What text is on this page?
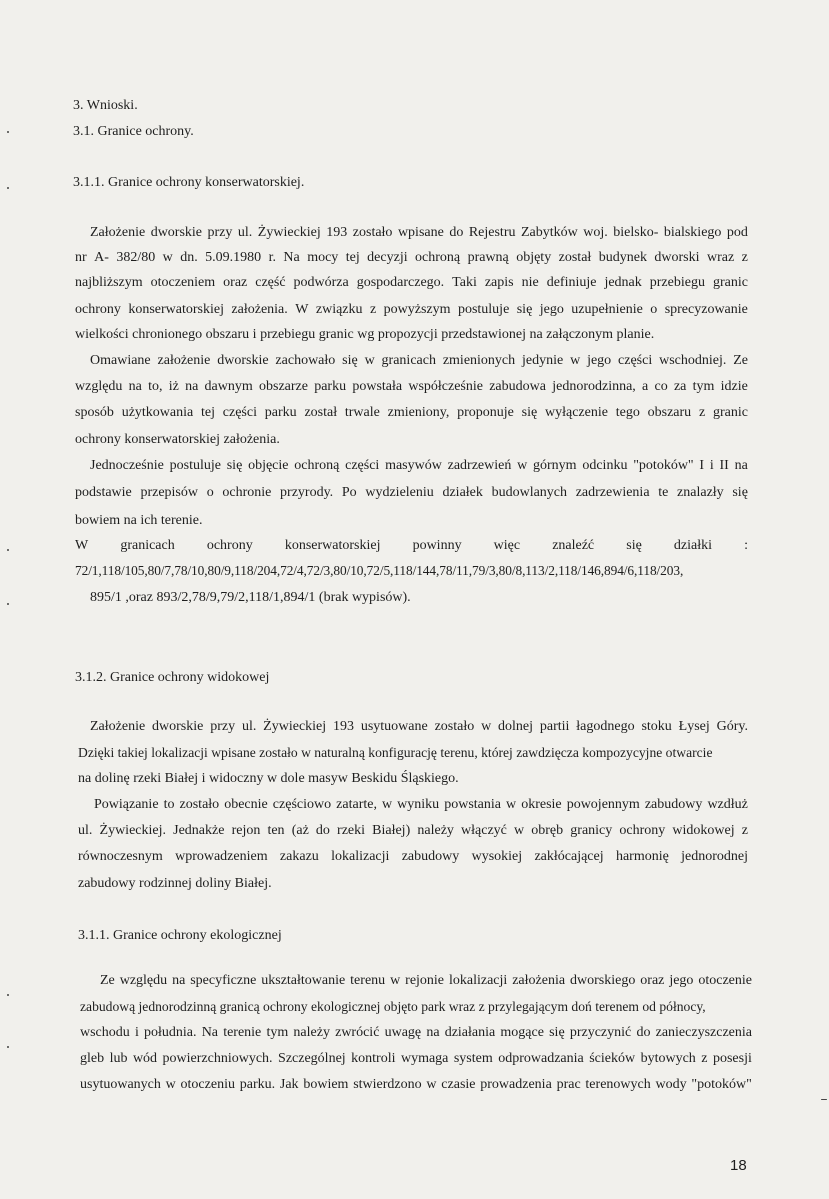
3. Wnioski.
3.1. Granice ochrony.
3.1.1. Granice ochrony konserwatorskiej.
Założenie dworskie przy ul. Żywieckiej 193 zostało wpisane do Rejestru Zabytków woj. bielsko- bialskiego pod
nr A- 382/80 w dn. 5.09.1980 r. Na mocy tej decyzji ochroną prawną objęty został budynek dworski wraz z
najbliższym otoczeniem oraz część podwórza gospodarczego. Taki zapis nie definiuje jednak przebiegu granic
ochrony konserwatorskiej założenia. W związku z powyższym postuluje się jego uzupełnienie o sprecyzowanie
wielkości chronionego obszaru i przebiegu granic wg propozycji przedstawionej na załączonym planie.
Omawiane założenie dworskie zachowało się w granicach zmienionych jedynie w jego części wschodniej. Ze
względu na to, iż na dawnym obszarze parku powstała współcześnie zabudowa jednorodzinna, a co za tym idzie
sposób użytkowania tej części parku został trwale zmieniony, proponuje się wyłączenie tego obszaru z granic
ochrony konserwatorskiej założenia.
Jednocześnie postuluje się objęcie ochroną części masywów zadrzewień w górnym odcinku "potoków" I i II na
podstawie przepisów o ochronie przyrody. Po wydzieleniu działek budowlanych zadrzewienia te znalazły się
bowiem na ich terenie.
W granicach ochrony konserwatorskiej powinny więc znaleźć się działki :
72/1,118/105,80/7,78/10,80/9,118/204,72/4,72/3,80/10,72/5,118/144,78/11,79/3,80/8,113/2,118/146,894/6,118/203,
895/1 ,oraz 893/2,78/9,79/2,118/1,894/1 (brak wypisów).
3.1.2. Granice ochrony widokowej
Założenie dworskie przy ul. Żywieckiej 193 usytuowane zostało w dolnej partii łagodnego stoku Łysej Góry.
Dzięki takiej lokalizacji wpisane zostało w naturalną konfigurację terenu, której zawdzięcza kompozycyjne otwarcie
na dolinę rzeki Białej i widoczny w dole masyw Beskidu Śląskiego.
Powiązanie to zostało obecnie częściowo zatarte, w wyniku powstania w okresie powojennym zabudowy wzdłuż
ul. Żywieckiej. Jednakże rejon ten (aż do rzeki Białej) należy włączyć w obręb granicy ochrony widokowej z
równoczesnym wprowadzeniem zakazu lokalizacji zabudowy wysokiej zakłócającej harmonię jednorodnej
zabudowy rodzinnej doliny Białej.
3.1.1. Granice ochrony ekologicznej
Ze względu na specyficzne ukształtowanie terenu w rejonie lokalizacji założenia dworskiego oraz jego otoczenie
zabudową jednorodzinną granicą ochrony ekologicznej objęto park wraz z przylegającym doń terenem od północy,
wschodu i południa. Na terenie tym należy zwrócić uwagę na działania mogące się przyczynić do zanieczyszczenia
gleb lub wód powierzchniowych. Szczególnej kontroli wymaga system odprowadzania ścieków bytowych z posesji
usytuowanych w otoczeniu parku. Jak bowiem stwierdzono w czasie prowadzenia prac terenowych wody "potoków"
18
